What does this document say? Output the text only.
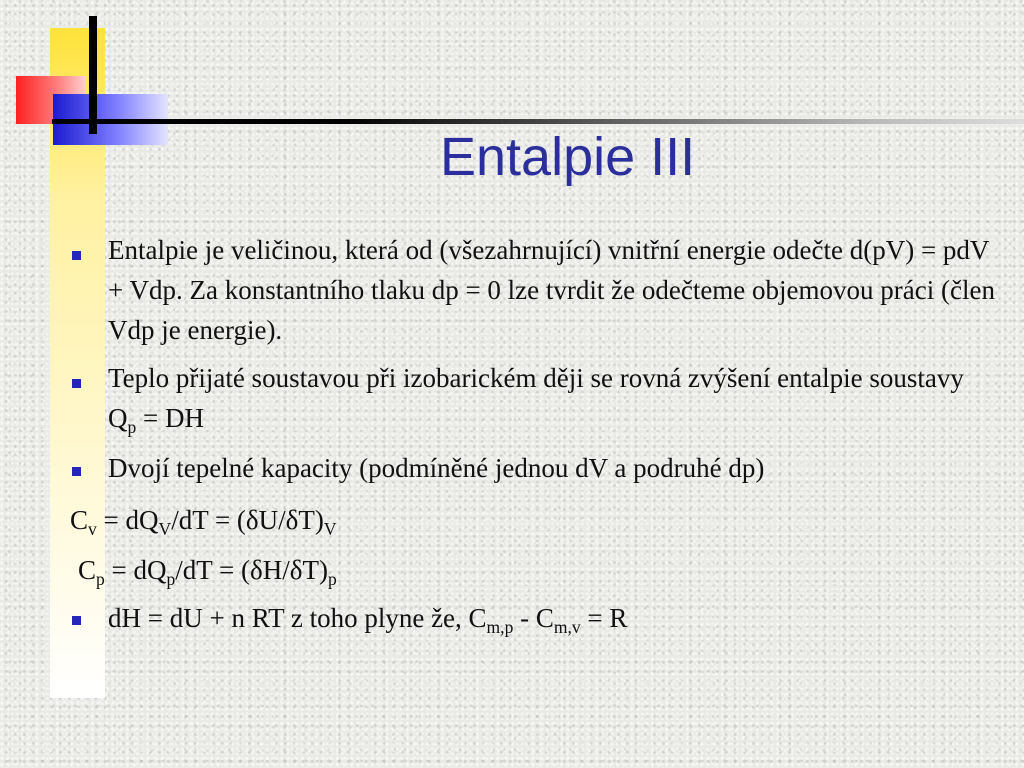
Entalpie III

Entalpie je veličinou, která od (všezahrnující) vnitřní energie odečte d(pV) = pdV + Vdp. Za konstantního tlaku dp = 0 lze tvrdit že odečteme objemovou práci (člen Vdp je energie).

Teplo přijaté soustavou při izobarickém ději se rovná zvýšení entalpie soustavy $Q_p$ = DH

Dvojí tepelné kapacity (podmíněné jednou dV a podruhé dp)

$C_v = dQ_V/dT = (\delta U/\delta T)_V$

$C_p = dQ_p/dT = (\delta H/\delta T)_p$

dH = dU + n RT z toho plyne že, $C_{m,p} - C_{m,v} = R$
